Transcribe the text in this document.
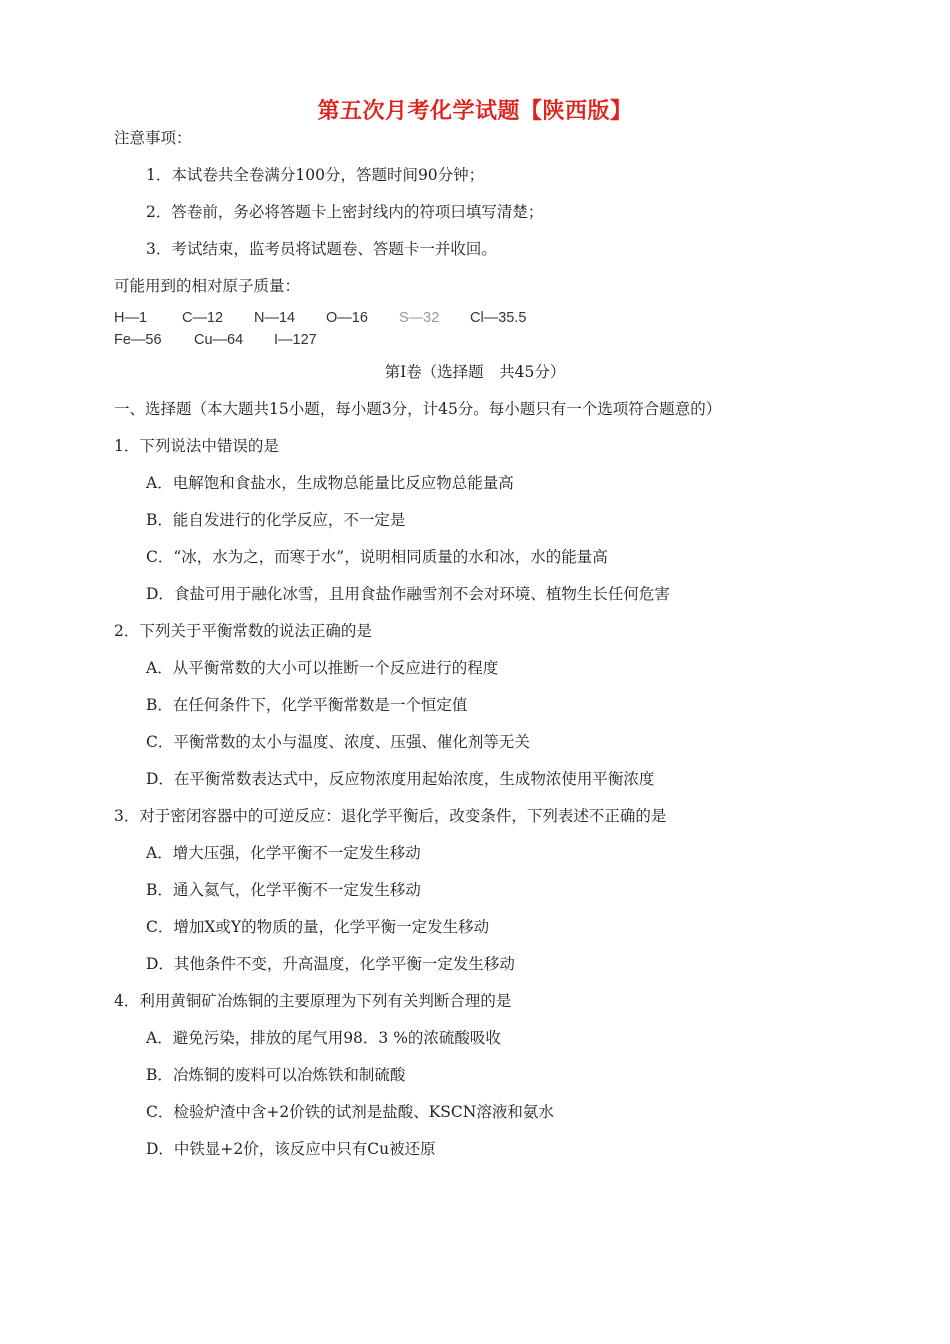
第五次月考化学试题【陕西版】
注意事项：
1．本试卷共全卷满分100分，答题时间90分钟；
2．答卷前，务必将答题卡上密封线内的符项曰填写清楚；
3．考试结束，监考员将试题卷、答题卡一并收回。
可能用到的相对原子质量：
H—1 C—12 N—14 O—16 S—32 Cl—35.5
Fe—56 Cu—64 I—127
第Ⅰ卷（选择题　共45分）
一、选择题（本大题共15小题，每小题3分，计45分。每小题只有一个选项符合题意的）
1．下列说法中错误的是
A．电解饱和食盐水，生成物总能量比反应物总能量高
B．能自发进行的化学反应，不一定是
C．“冰，水为之，而寒于水”，说明相同质量的水和冰，水的能量高
D．食盐可用于融化冰雪，且用食盐作融雪剂不会对环境、植物生长任何危害
2．下列关于平衡常数的说法正确的是
A．从平衡常数的大小可以推断一个反应进行的程度
B．在任何条件下，化学平衡常数是一个恒定值
C．平衡常数的太小与温度、浓度、压强、催化剂等无关
D．在平衡常数表达式中，反应物浓度用起始浓度，生成物浓使用平衡浓度
3．对于密闭容器中的可逆反应：退化学平衡后，改变条件，下列表述不正确的是
A．增大压强，化学平衡不一定发生移动
B．通入氦气，化学平衡不一定发生移动
C．增加X或Y的物质的量，化学平衡一定发生移动
D．其他条件不变，升高温度，化学平衡一定发生移动
4．利用黄铜矿冶炼铜的主要原理为下列有关判断合理的是
A．避免污染，排放的尾气用98．3 %的浓硫酸吸收
B．冶炼铜的废料可以冶炼铁和制硫酸
C．检验炉渣中含+2价铁的试剂是盐酸、KSCN溶液和氨水
D．中铁显+2价，该反应中只有Cu被还原
